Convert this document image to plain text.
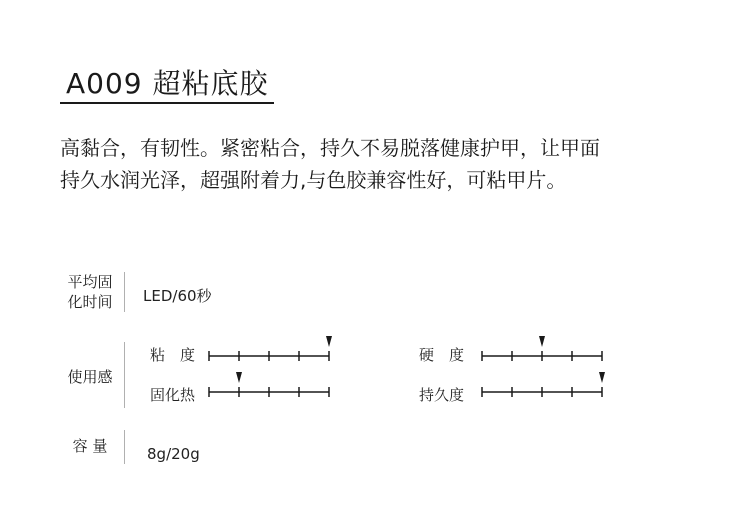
A009 超粘底胶
高黏合，有韧性。紧密粘合，持久不易脱落健康护甲，让甲面
持久水润光泽，超强附着力,与色胶兼容性好，可粘甲片。
平均固
化时间	LED/60秒
使用感
粘　度	硬　度
固化热	持久度
容 量	8g/20g
